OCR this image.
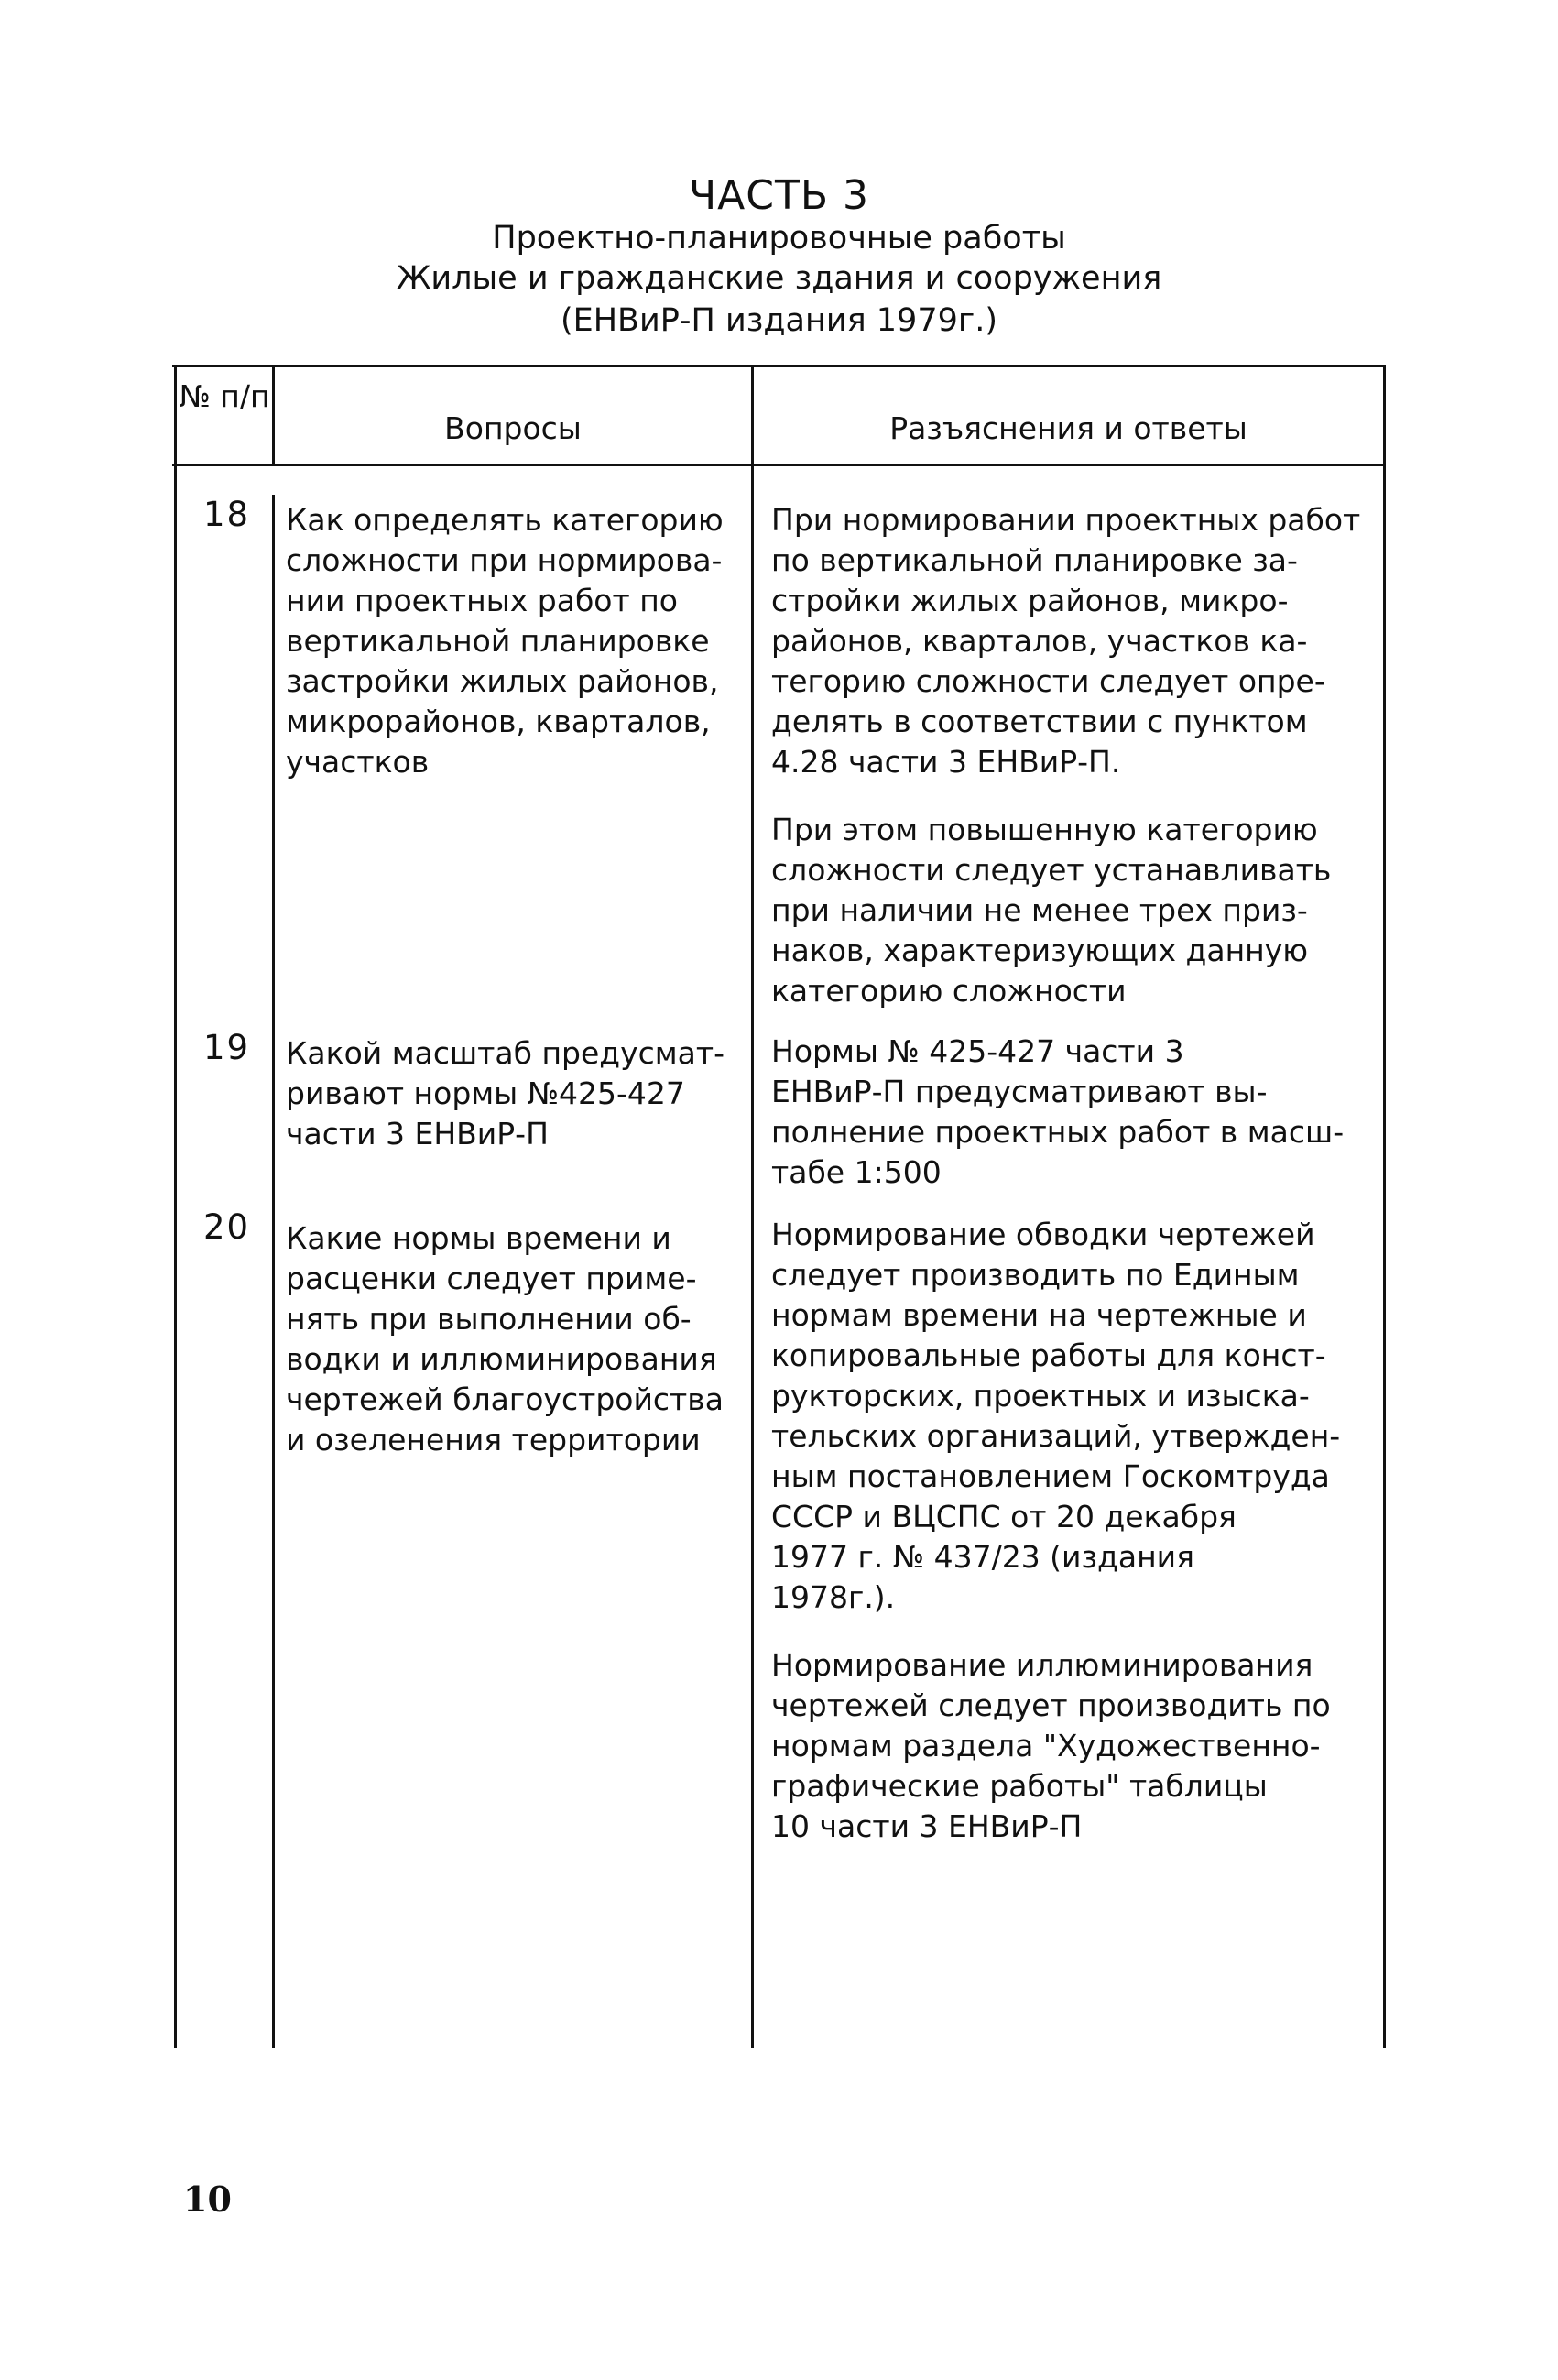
ЧАСТЬ 3
Проектно-планировочные работы
Жилые и гражданские здания и сооружения
(ЕНВиР-П издания 1979г.)
№ п/п
Вопросы	Разъяснения и ответы
18
19
20
Как определять категорию
сложности при нормирова-
нии проектных работ по
вертикальной планировке
застройки жилых районов,
микрорайонов, кварталов,
участков
Какой масштаб предусмат-
ривают нормы №425-427
части 3 ЕНВиР-П
Какие нормы времени и
расценки следует приме-
нять при выполнении об-
водки и иллюминирования
чертежей благоустройства
и озеленения территории
При нормировании проектных работ
по вертикальной планировке за-
стройки жилых районов, микро-
районов, кварталов, участков ка-
тегорию сложности следует опре-
делять в соответствии с пунктом
4.28 части 3 ЕНВиР-П.
При этом повышенную категорию
сложности следует устанавливать
при наличии не менее трех приз-
наков, характеризующих данную
категорию сложности
Нормы № 425-427 части 3
ЕНВиР-П предусматривают вы-
полнение проектных работ в масш-
табе 1:500
Нормирование обводки чертежей
следует производить по Единым
нормам времени на чертежные и
копировальные работы для конст-
рукторских, проектных и изыска-
тельских организаций, утвержден-
ным постановлением Госкомтруда
СССР и ВЦСПС от 20 декабря
1977 г. № 437/23 (издания
1978г.).
Нормирование иллюминирования
чертежей следует производить по
нормам раздела "Художественно-
графические работы" таблицы
10 части 3 ЕНВиР-П
10
